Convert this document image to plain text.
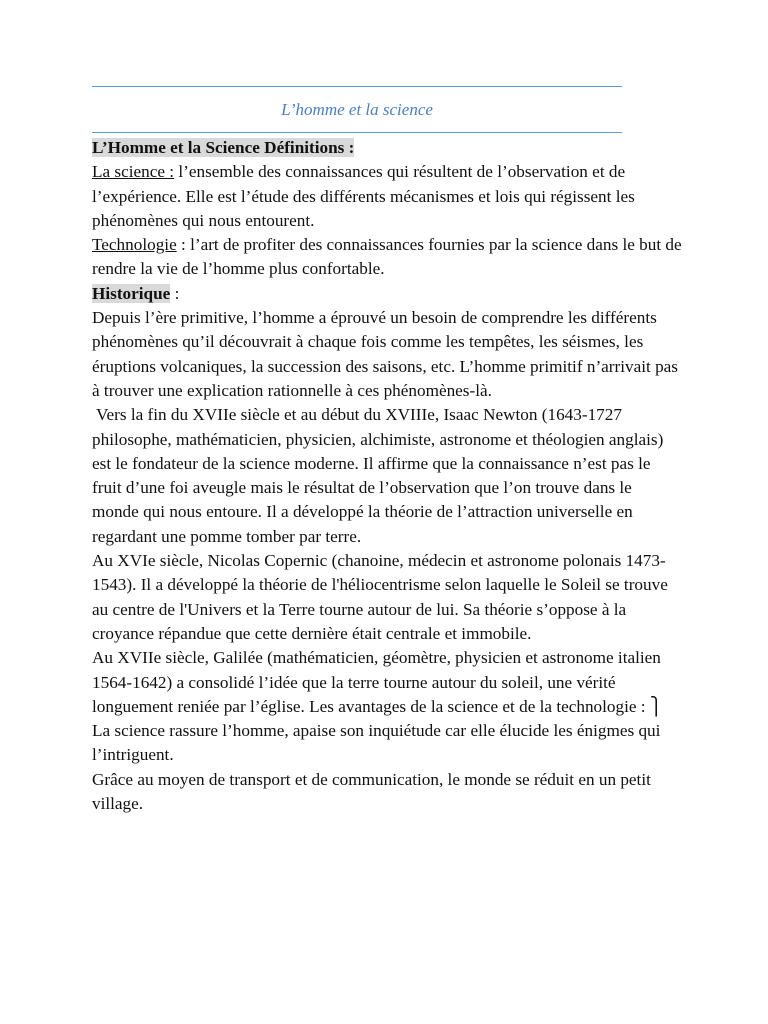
L’homme et la science

L’Homme et la Science Définitions :

La science : l’ensemble des connaissances qui résultent de l’observation et de l’expérience. Elle est l’étude des différents mécanismes et lois qui régissent les phénomènes qui nous entourent.

Technologie : l’art de profiter des connaissances fournies par la science dans le but de rendre la vie de l’homme plus confortable.

Historique :

Depuis l’ère primitive, l’homme a éprouvé un besoin de comprendre les différents phénomènes qu’il découvrait à chaque fois comme les tempêtes, les séismes, les éruptions volcaniques, la succession des saisons, etc. L’homme primitif n’arrivait pas à trouver une explication rationnelle à ces phénomènes-là.

Vers la fin du XVIIe siècle et au début du XVIIIe, Isaac Newton (1643-1727 philosophe, mathématicien, physicien, alchimiste, astronome et théologien anglais) est le fondateur de la science moderne. Il affirme que la connaissance n’est pas le fruit d’une foi aveugle mais le résultat de l’observation que l’on trouve dans le monde qui nous entoure. Il a développé la théorie de l’attraction universelle en regardant une pomme tomber par terre.

Au XVIe siècle, Nicolas Copernic (chanoine, médecin et astronome polonais 1473-1543). Il a développé la théorie de l'héliocentrisme selon laquelle le Soleil se trouve au centre de l'Univers et la Terre tourne autour de lui. Sa théorie s’oppose à la croyance répandue que cette dernière était centrale et immobile.

Au XVIIe siècle, Galilée (mathématicien, géomètre, physicien et astronome italien 1564-1642) a consolidé l’idée que la terre tourne autour du soleil, une vérité longuement reniée par l’église. Les avantages de la science et de la technologie : ⎫ La science rassure l’homme, apaise son inquiétude car elle élucide les énigmes qui l’intriguent.

Grâce au moyen de transport et de communication, le monde se réduit en un petit village.
